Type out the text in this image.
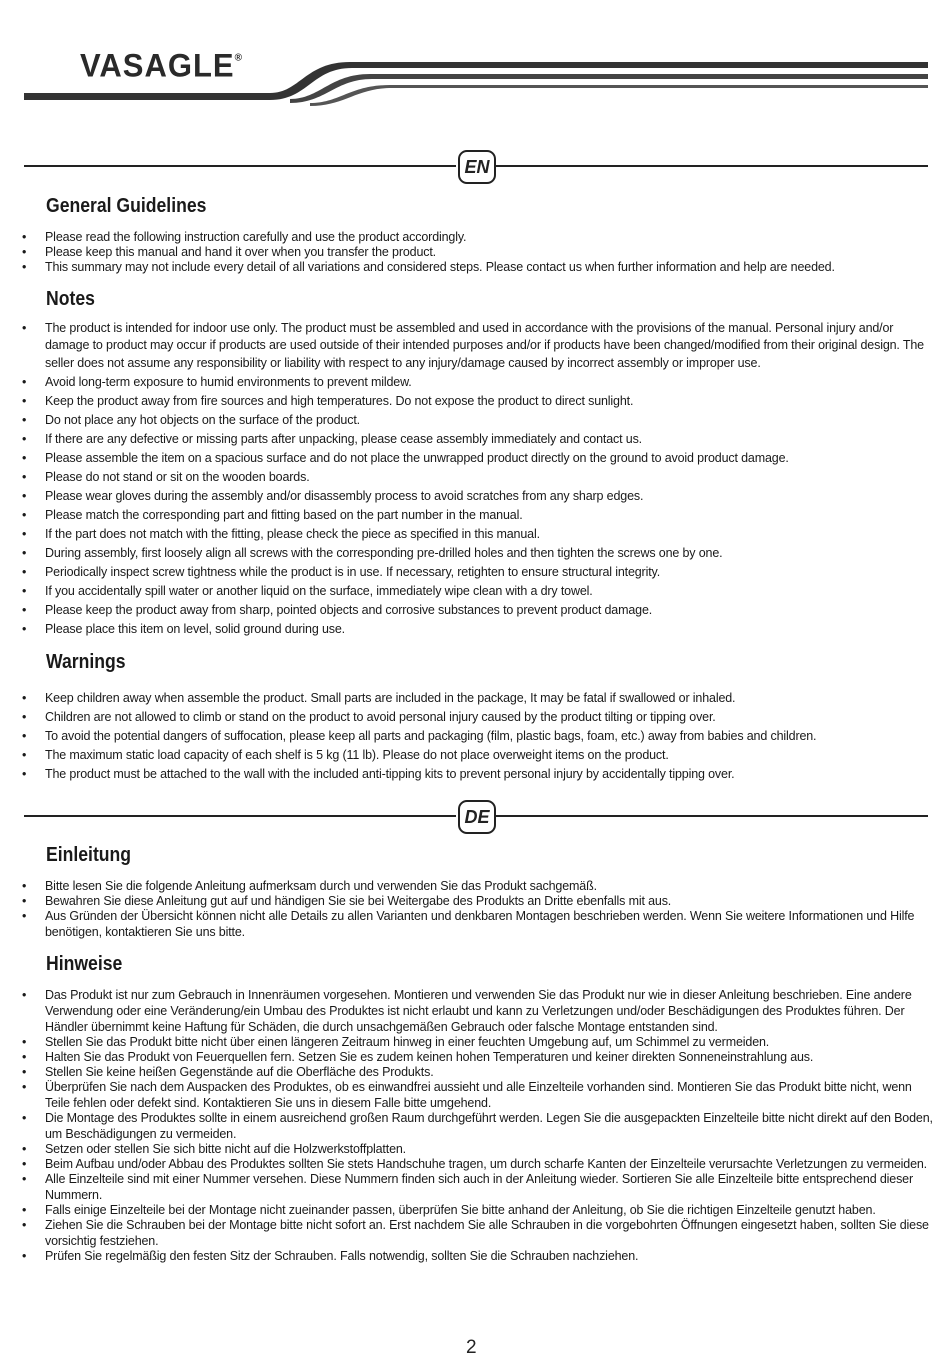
VASAGLE®
EN
General Guidelines
• Please read the following instruction carefully and use the product accordingly.
• Please keep this manual and hand it over when you transfer the product.
• This summary may not include every detail of all variations and considered steps. Please contact us when further information and help are needed.
Notes
• The product is intended for indoor use only. The product must be assembled and used in accordance with the provisions of the manual. Personal injury and/or damage to product may occur if products are used outside of their intended purposes and/or if products have been changed/modified from their original design. The seller does not assume any responsibility or liability with respect to any injury/damage caused by incorrect assembly or improper use.
• Avoid long-term exposure to humid environments to prevent mildew.
• Keep the product away from fire sources and high temperatures. Do not expose the product to direct sunlight.
• Do not place any hot objects on the surface of the product.
• If there are any defective or missing parts after unpacking, please cease assembly immediately and contact us.
• Please assemble the item on a spacious surface and do not place the unwrapped product directly on the ground to avoid product damage.
• Please do not stand or sit on the wooden boards.
• Please wear gloves during the assembly and/or disassembly process to avoid scratches from any sharp edges.
• Please match the corresponding part and fitting based on the part number in the manual.
• If the part does not match with the fitting, please check the piece as specified in this manual.
• During assembly, first loosely align all screws with the corresponding pre-drilled holes and then tighten the screws one by one.
• Periodically inspect screw tightness while the product is in use. If necessary, retighten to ensure structural integrity.
• If you accidentally spill water or another liquid on the surface, immediately wipe clean with a dry towel.
• Please keep the product away from sharp, pointed objects and corrosive substances to prevent product damage.
• Please place this item on level, solid ground during use.
Warnings
• Keep children away when assemble the product. Small parts are included in the package, It may be fatal if swallowed or inhaled.
• Children are not allowed to climb or stand on the product to avoid personal injury caused by the product tilting or tipping over.
• To avoid the potential dangers of suffocation, please keep all parts and packaging (film, plastic bags, foam, etc.) away from babies and children.
• The maximum static load capacity of each shelf is 5 kg (11 lb). Please do not place overweight items on the product.
• The product must be attached to the wall with the included anti-tipping kits to prevent personal injury by accidentally tipping over.
DE
Einleitung
• Bitte lesen Sie die folgende Anleitung aufmerksam durch und verwenden Sie das Produkt sachgemäß.
• Bewahren Sie diese Anleitung gut auf und händigen Sie sie bei Weitergabe des Produkts an Dritte ebenfalls mit aus.
• Aus Gründen der Übersicht können nicht alle Details zu allen Varianten und denkbaren Montagen beschrieben werden. Wenn Sie weitere Informationen und Hilfe benötigen, kontaktieren Sie uns bitte.
Hinweise
• Das Produkt ist nur zum Gebrauch in Innenräumen vorgesehen. Montieren und verwenden Sie das Produkt nur wie in dieser Anleitung beschrieben. Eine andere Verwendung oder eine Veränderung/ein Umbau des Produktes ist nicht erlaubt und kann zu Verletzungen und/oder Beschädigungen des Produktes führen. Der Händler übernimmt keine Haftung für Schäden, die durch unsachgemäßen Gebrauch oder falsche Montage entstanden sind.
• Stellen Sie das Produkt bitte nicht über einen längeren Zeitraum hinweg in einer feuchten Umgebung auf, um Schimmel zu vermeiden.
• Halten Sie das Produkt von Feuerquellen fern. Setzen Sie es zudem keinen hohen Temperaturen und keiner direkten Sonneneinstrahlung aus.
• Stellen Sie keine heißen Gegenstände auf die Oberfläche des Produkts.
• Überprüfen Sie nach dem Auspacken des Produktes, ob es einwandfrei aussieht und alle Einzelteile vorhanden sind. Montieren Sie das Produkt bitte nicht, wenn Teile fehlen oder defekt sind. Kontaktieren Sie uns in diesem Falle bitte umgehend.
• Die Montage des Produktes sollte in einem ausreichend großen Raum durchgeführt werden. Legen Sie die ausgepackten Einzelteile bitte nicht direkt auf den Boden, um Beschädigungen zu vermeiden.
• Setzen oder stellen Sie sich bitte nicht auf die Holzwerkstoffplatten.
• Beim Aufbau und/oder Abbau des Produktes sollten Sie stets Handschuhe tragen, um durch scharfe Kanten der Einzelteile verursachte Verletzungen zu vermeiden.
• Alle Einzelteile sind mit einer Nummer versehen. Diese Nummern finden sich auch in der Anleitung wieder. Sortieren Sie alle Einzelteile bitte entsprechend dieser Nummern.
• Falls einige Einzelteile bei der Montage nicht zueinander passen, überprüfen Sie bitte anhand der Anleitung, ob Sie die richtigen Einzelteile genutzt haben.
• Ziehen Sie die Schrauben bei der Montage bitte nicht sofort an. Erst nachdem Sie alle Schrauben in die vorgebohrten Öffnungen eingesetzt haben, sollten Sie diese vorsichtig festziehen.
• Prüfen Sie regelmäßig den festen Sitz der Schrauben. Falls notwendig, sollten Sie die Schrauben nachziehen.
2
